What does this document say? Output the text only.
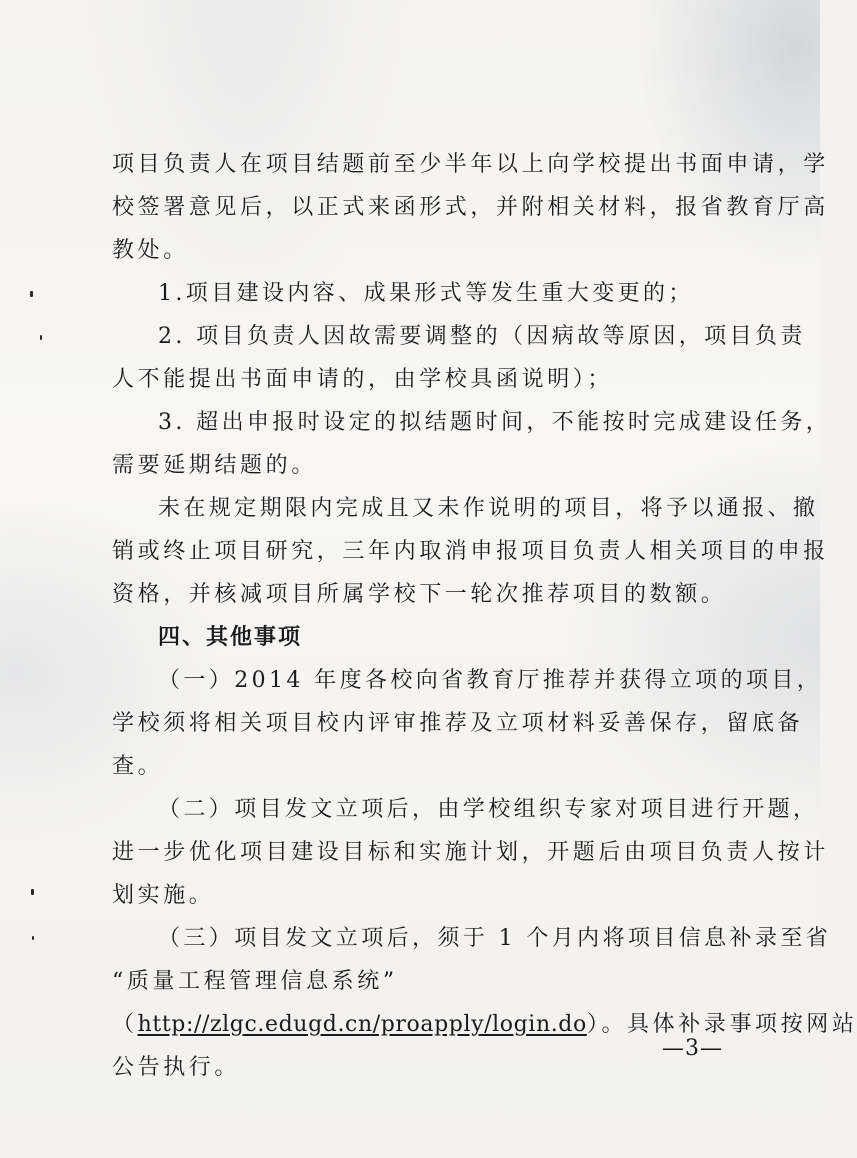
项目负责人在项目结题前至少半年以上向学校提出书面申请，学
校签署意见后，以正式来函形式，并附相关材料，报省教育厅高
教处。
1.项目建设内容、成果形式等发生重大变更的；
2. 项目负责人因故需要调整的（因病故等原因，项目负责
人不能提出书面申请的，由学校具函说明）；
3. 超出申报时设定的拟结题时间，不能按时完成建设任务，
需要延期结题的。
未在规定期限内完成且又未作说明的项目，将予以通报、撤
销或终止项目研究，三年内取消申报项目负责人相关项目的申报
资格，并核减项目所属学校下一轮次推荐项目的数额。
四、其他事项
（一）2014 年度各校向省教育厅推荐并获得立项的项目，
学校须将相关项目校内评审推荐及立项材料妥善保存，留底备
查。
（二）项目发文立项后，由学校组织专家对项目进行开题，
进一步优化项目建设目标和实施计划，开题后由项目负责人按计
划实施。
（三）项目发文立项后，须于 1 个月内将项目信息补录至省
“质量工程管理信息系统”
（http://zlgc.edugd.cn/proapply/login.do）。具体补录事项按网站
公告执行。
—3—
